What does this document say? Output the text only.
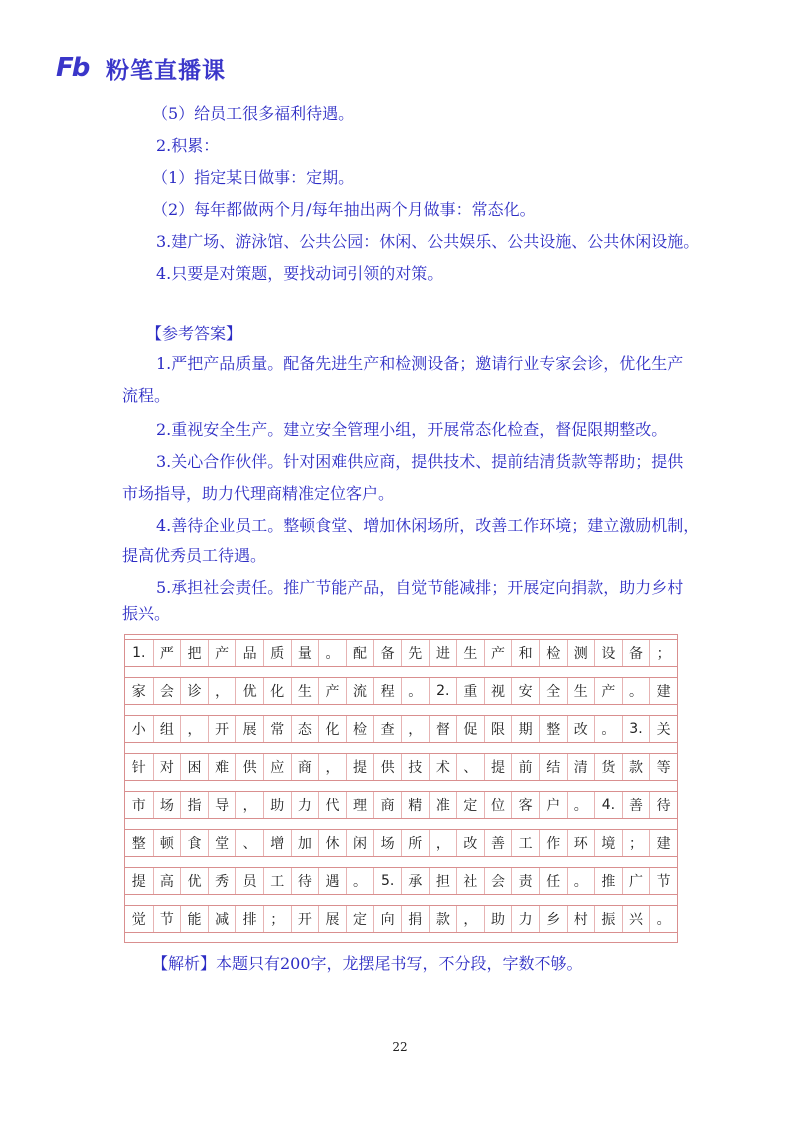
Fb 粉笔直播课
（5）给员工很多福利待遇。
2.积累：
（1）指定某日做事：定期。
（2）每年都做两个月/每年抽出两个月做事：常态化。
3.建广场、游泳馆、公共公园：休闲、公共娱乐、公共设施、公共休闲设施。
4.只要是对策题，要找动词引领的对策。
【参考答案】
1.严把产品质量。配备先进生产和检测设备；邀请行业专家会诊，优化生产
流程。
2.重视安全生产。建立安全管理小组，开展常态化检查，督促限期整改。
3.关心合作伙伴。针对困难供应商，提供技术、提前结清货款等帮助；提供
市场指导，助力代理商精准定位客户。
4.善待企业员工。整顿食堂、增加休闲场所，改善工作环境；建立激励机制，
提高优秀员工待遇。
5.承担社会责任。推广节能产品，自觉节能减排；开展定向捐款，助力乡村
振兴。
1.	严 把 产 品 质 量 。 配 备 先 进 生 产 和 检 测 设 备 ；
家	会 诊 ， 优 化 生 产 流 程 。 2. 重 视 安 全 生 产 。 建
小	组 ， 开 展 常 态 化 检 查 ， 督 促 限 期 整 改 。 3. 关
针	对 困 难 供 应 商 ， 提 供 技 术 、 提 前 结 清 货 款 等
市	场 指 导 ， 助 力 代 理 商 精 准 定 位 客 户 。 4. 善 待
整	顿 食 堂 、 增 加 休 闲 场 所 ， 改 善 工 作 环 境 ； 建
提	高 优 秀 员 工 待 遇 。 5. 承 担 社 会 责 任 。 推 广 节
觉	节 能 减 排 ； 开 展 定 向 捐 款 ， 助 力 乡 村 振 兴 。
【解析】本题只有200字，龙摆尾书写，不分段，字数不够。
22
